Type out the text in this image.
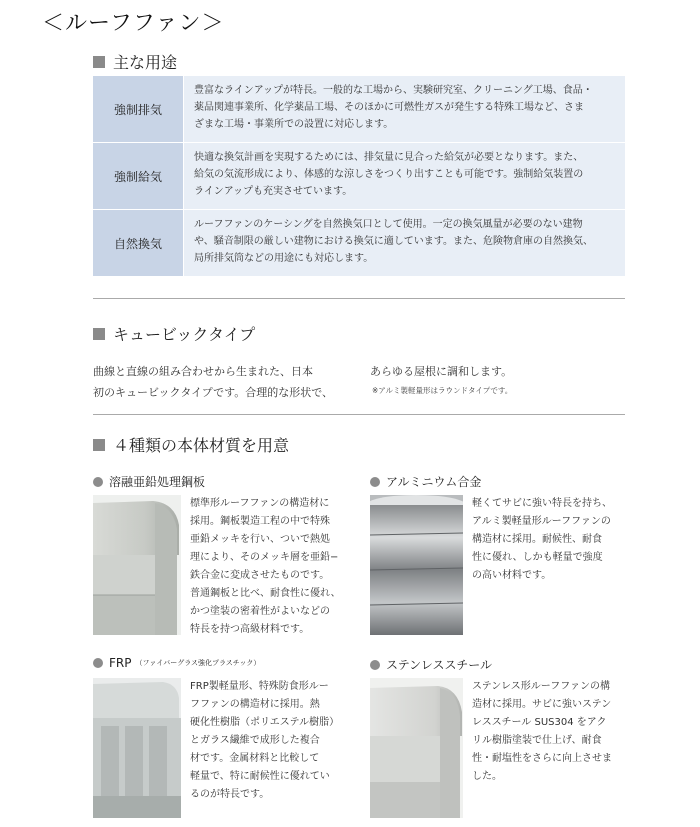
＜ルーフファン＞
主な用途
強制排気
豊富なラインアップが特長。一般的な工場から、実験研究室、クリーニング工場、食品・
薬品関連事業所、化学薬品工場、そのほかに可燃性ガスが発生する特殊工場など、さま
ざまな工場・事業所での設置に対応します。
強制給気
快適な換気計画を実現するためには、排気量に見合った給気が必要となります。また、
給気の気流形成により、体感的な涼しさをつくり出すことも可能です。強制給気装置の
ラインアップも充実させています。
自然換気
ルーフファンのケーシングを自然換気口として使用。一定の換気風量が必要のない建物
や、騒音制限の厳しい建物における換気に適しています。また、危険物倉庫の自然換気、
局所排気筒などの用途にも対応します。
キュービックタイプ
曲線と直線の組み合わせから生まれた、日本
初のキュービックタイプです。合理的な形状で、
あらゆる屋根に調和します。
※アルミ製軽量形はラウンドタイプです。
４種類の本体材質を用意
溶融亜鉛処理鋼板
標準形ルーフファンの構造材に
採用。鋼板製造工程の中で特殊
亜鉛メッキを行い、ついで熱処
理により、そのメッキ層を亜鉛−
鉄合金に変成させたものです。
普通鋼板と比べ、耐食性に優れ、
かつ塗装の密着性がよいなどの
特長を持つ高級材料です。
アルミニウム合金
軽くてサビに強い特長を持ち、
アルミ製軽量形ルーフファンの
構造材に採用。耐候性、耐食
性に優れ、しかも軽量で強度
の高い材料です。
FRP （ファイバーグラス強化プラスチック）
FRP製軽量形、特殊防食形ルー
フファンの構造材に採用。熱
硬化性樹脂（ポリエステル樹脂）
とガラス繊維で成形した複合
材です。金属材料と比較して
軽量で、特に耐候性に優れてい
るのが特長です。
ステンレススチール
ステンレス形ルーフファンの構
造材に採用。サビに強いステン
レススチール SUS304 をアク
リル樹脂塗装で仕上げ、耐食
性・耐塩性をさらに向上させま
した。
